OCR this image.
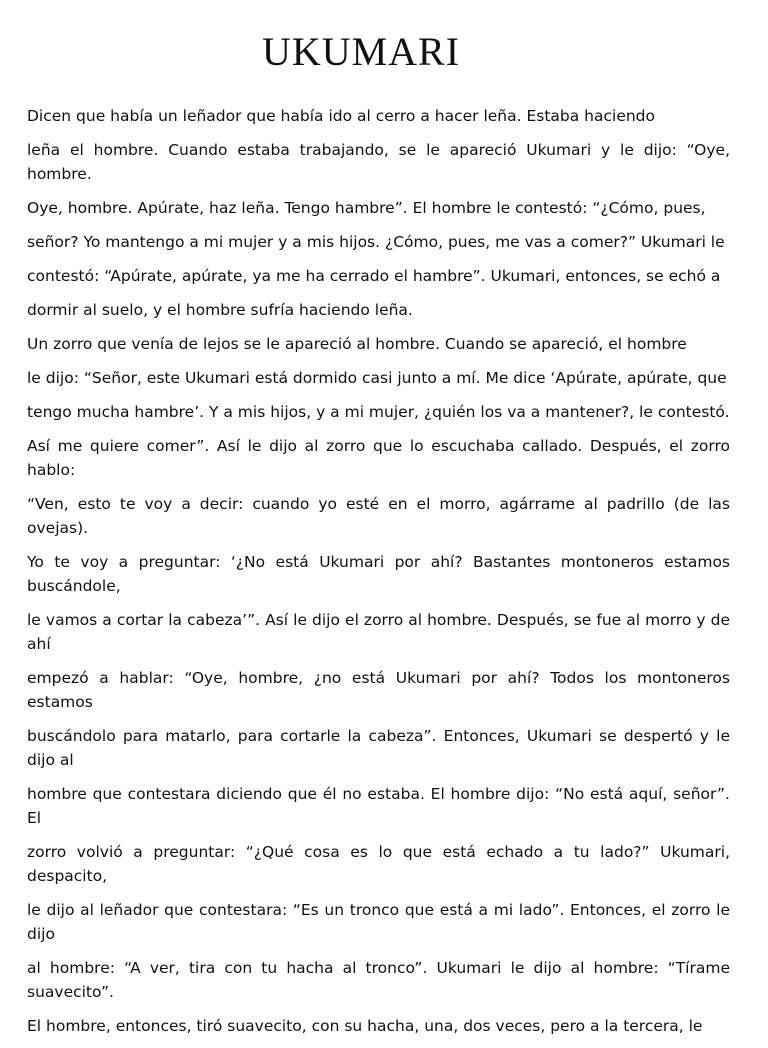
UKUMARI

Dicen que había un leñador que había ido al cerro a hacer leña. Estaba haciendo

leña el hombre. Cuando estaba trabajando, se le apareció Ukumari y le dijo: “Oye, hombre.

Oye, hombre. Apúrate, haz leña. Tengo hambre”. El hombre le contestó: “¿Cómo, pues,

señor? Yo mantengo a mi mujer y a mis hijos. ¿Cómo, pues, me vas a comer?” Ukumari le

contestó: “Apúrate, apúrate, ya me ha cerrado el hambre”. Ukumari, entonces, se echó a

dormir al suelo, y el hombre sufría haciendo leña.

Un zorro que venía de lejos se le apareció al hombre. Cuando se apareció, el hombre

le dijo: “Señor, este Ukumari está dormido casi junto a mí. Me dice ‘Apúrate, apúrate, que

tengo mucha hambre’. Y a mis hijos, y a mi mujer, ¿quién los va a mantener?, le contestó.

Así me quiere comer”. Así le dijo al zorro que lo escuchaba callado. Después, el zorro hablo:

“Ven, esto te voy a decir: cuando yo esté en el morro, agárrame al padrillo (de las ovejas).

Yo te voy a preguntar: ‘¿No está Ukumari por ahí? Bastantes montoneros estamos buscándole,

le vamos a cortar la cabeza’”. Así le dijo el zorro al hombre. Después, se fue al morro y de ahí

empezó a hablar: “Oye, hombre, ¿no está Ukumari por ahí? Todos los montoneros estamos

buscándolo para matarlo, para cortarle la cabeza”. Entonces, Ukumari se despertó y le dijo al

hombre que contestara diciendo que él no estaba. El hombre dijo: “No está aquí, señor”. El

zorro volvió a preguntar: “¿Qué cosa es lo que está echado a tu lado?” Ukumari, despacito,

le dijo al leñador que contestara: “Es un tronco que está a mi lado”. Entonces, el zorro le dijo

al hombre: “A ver, tira con tu hacha al tronco”. Ukumari le dijo al hombre: “Tírame suavecito”.

El hombre, entonces, tiró suavecito, con su hacha, una, dos veces, pero a la tercera, le
